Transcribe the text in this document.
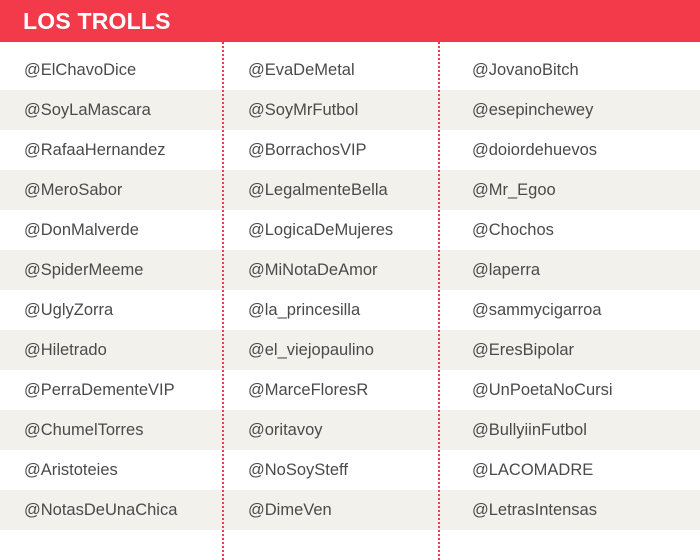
LOS TROLLS
@ElChavoDice	@EvaDeMetal	@JovanoBitch
@SoyLaMascara	@SoyMrFutbol	@esepinchewey
@RafaaHernandez	@BorrachosVIP	@doiordehuevos
@MeroSabor	@LegalmenteBella	@Mr_Egoo
@DonMalverde	@LogicaDeMujeres	@Chochos
@SpiderMeeme	@MiNotaDeAmor	@laperra
@UglyZorra	@la_princesilla	@sammycigarroa
@Hiletrado	@el_viejopaulino	@EresBipolar
@PerraDementeVIP	@MarceFloresR	@UnPoetaNoCursi
@ChumelTorres	@oritavoy	@BullyiinFutbol
@Aristoteies	@NoSoySteff	@LACOMADRE
@NotasDeUnaChica	@DimeVen	@LetrasIntensas
